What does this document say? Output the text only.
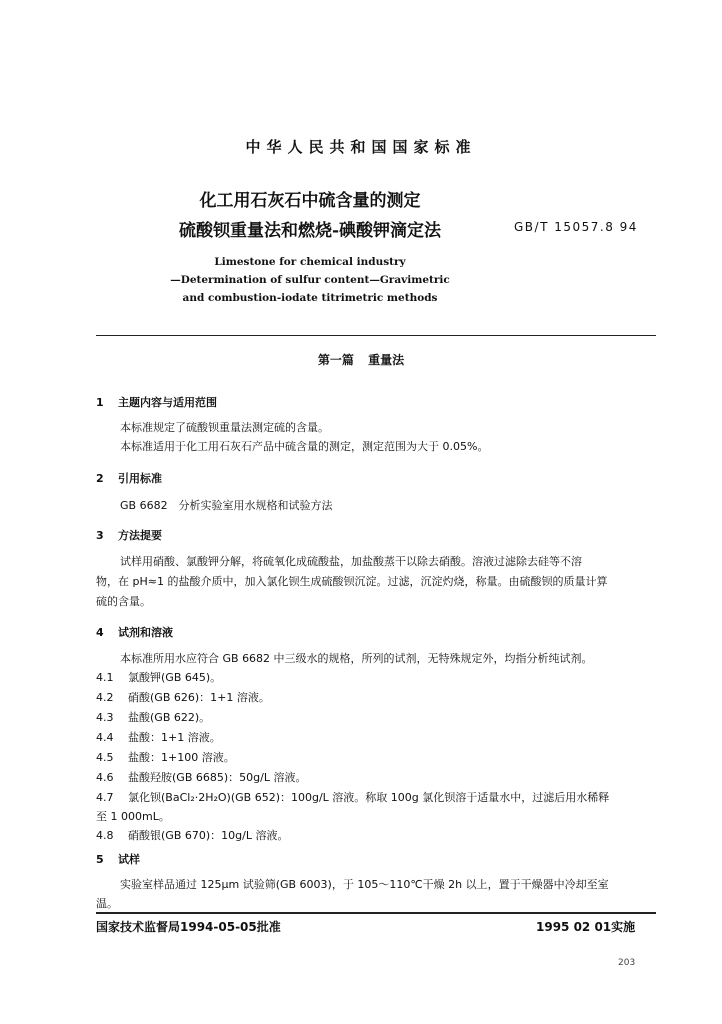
中华人民共和国国家标准
化工用石灰石中硫含量的测定
硫酸钡重量法和燃烧-碘酸钾滴定法	GB/T 15057.8 94
Limestone for chemical industry
—Determination of sulfur content—Gravimetric
and combustion-iodate titrimetric methods
第一篇 重量法
1 主题内容与适用范围
本标准规定了硫酸钡重量法测定硫的含量。
本标准适用于化工用石灰石产品中硫含量的测定，测定范围为大于 0.05%。
2 引用标准
GB 6682　分析实验室用水规格和试验方法
3 方法提要
试样用硝酸、氯酸钾分解，将硫氧化成硫酸盐，加盐酸蒸干以除去硝酸。溶液过滤除去硅等不溶
物，在 pH≈1 的盐酸介质中，加入氯化钡生成硫酸钡沉淀。过滤，沉淀灼烧，称量。由硫酸钡的质量计算
硫的含量。
4 试剂和溶液
本标准所用水应符合 GB 6682 中三级水的规格，所列的试剂，无特殊规定外，均指分析纯试剂。
4.1 氯酸钾(GB 645)。
4.2 硝酸(GB 626)：1+1 溶液。
4.3 盐酸(GB 622)。
4.4 盐酸：1+1 溶液。
4.5 盐酸：1+100 溶液。
4.6 盐酸羟胺(GB 6685)：50g/L 溶液。
4.7 氯化钡(BaCl₂·2H₂O)(GB 652)：100g/L 溶液。称取 100g 氯化钡溶于适量水中，过滤后用水稀释
至 1 000mL。
4.8 硝酸银(GB 670)：10g/L 溶液。
5 试样
实验室样品通过 125μm 试验筛(GB 6003)，于 105～110℃干燥 2h 以上，置于干燥器中冷却至室
温。
国家技术监督局1994-05-05批准	1995 02 01实施
203
